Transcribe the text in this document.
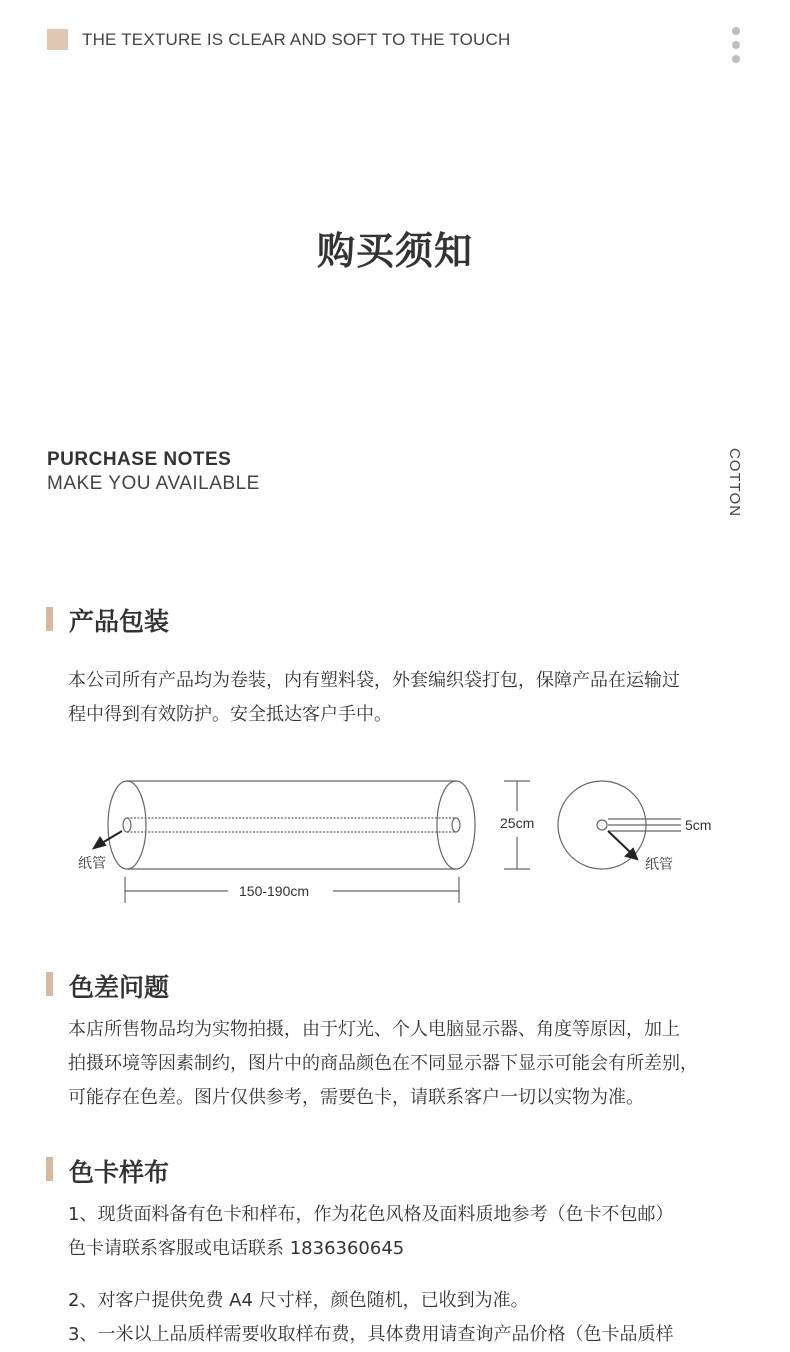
THE TEXTURE IS CLEAR AND SOFT TO THE TOUCH
购买须知
PURCHASE NOTES
MAKE YOU AVAILABLE	COTTON
产品包装
本公司所有产品均为卷装，内有塑料袋，外套编织袋打包，保障产品在运输过
程中得到有效防护。安全抵达客户手中。
纸管
150-190cm
25cm	5cm
纸管
色差问题
本店所售物品均为实物拍摄，由于灯光、个人电脑显示器、角度等原因，加上
拍摄环境等因素制约，图片中的商品颜色在不同显示器下显示可能会有所差别，
可能存在色差。图片仅供参考，需要色卡，请联系客户一切以实物为准。
色卡样布
1、现货面料备有色卡和样布，作为花色风格及面料质地参考（色卡不包邮）
色卡请联系客服或电话联系 1836360645
2、对客户提供免费 A4 尺寸样，颜色随机，已收到为准。
3、一米以上品质样需要收取样布费，具体费用请查询产品价格（色卡品质样
